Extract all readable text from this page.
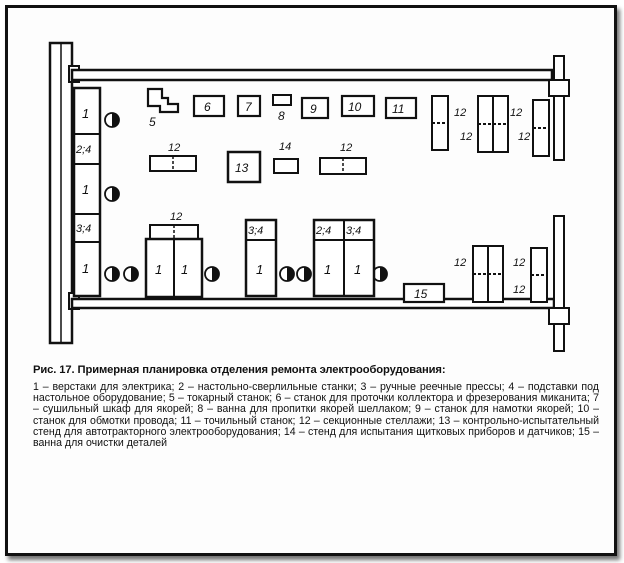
1
2;4
1
3;4
1
5
6	7
8 9	10	11	12
12
12
12
12
13
14	12
12
1 1
3;4
1
2;4 3;4
1 1
15
12	12
12
Рис. 17. Примерная планировка отделения ремонта электрооборудования:
1 – верстаки для электрика; 2 – настольно-сверлильные станки; 3 – ручные реечные прессы; 4 – подставки под настольное оборудование; 5 – токарный станок; 6 – станок для проточки коллектора и фрезерования миканита; 7 – сушильный шкаф для якорей; 8 – ванна для пропитки якорей шеллаком; 9 – станок для намотки якорей; 10 – станок для обмотки провода; 11 – точильный станок; 12 – секционные стеллажи; 13 – контрольно-испытательный стенд для автотракторного электрооборудования; 14 – стенд для испытания щитковых приборов и датчиков; 15 – ванна для очистки деталей
